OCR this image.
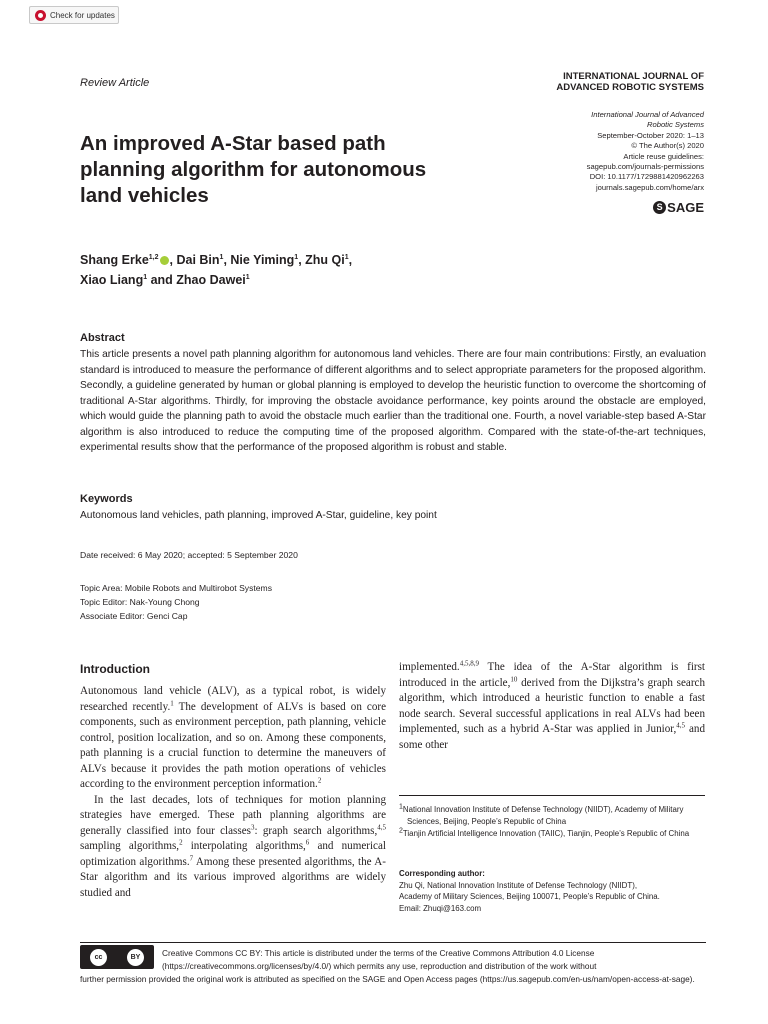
Check for updates
Review Article
INTERNATIONAL JOURNAL OF
ADVANCED ROBOTIC SYSTEMS
International Journal of Advanced
Robotic Systems
September-October 2020: 1–13
© The Author(s) 2020
Article reuse guidelines:
sagepub.com/journals-permissions
DOI: 10.1177/1729881420962263
journals.sagepub.com/home/arx
S SAGE
An improved A-Star based path
planning algorithm for autonomous
land vehicles
Shang Erke$^{1,2}$ , Dai Bin$^1$, Nie Yiming$^1$, Zhu Qi$^1$,
Xiao Liang$^1$ and Zhao Dawei$^1$
Abstract
This article presents a novel path planning algorithm for autonomous land vehicles. There are four main contributions: Firstly, an evaluation standard is introduced to measure the performance of different algorithms and to select appropriate parameters for the proposed algorithm. Secondly, a guideline generated by human or global planning is employed to develop the heuristic function to overcome the shortcoming of traditional A-Star algorithms. Thirdly, for improving the obstacle avoidance performance, key points around the obstacle are employed, which would guide the planning path to avoid the obstacle much earlier than the traditional one. Fourth, a novel variable-step based A-Star algorithm is also introduced to reduce the computing time of the proposed algorithm. Compared with the state-of-the-art techniques, experimental results show that the performance of the proposed algorithm is robust and stable.
Keywords
Autonomous land vehicles, path planning, improved A-Star, guideline, key point
Date received: 6 May 2020; accepted: 5 September 2020
Topic Area: Mobile Robots and Multirobot Systems
Topic Editor: Nak-Young Chong
Associate Editor: Genci Cap
Introduction
Autonomous land vehicle (ALV), as a typical robot, is widely researched recently.$^1$ The development of ALVs is based on core components, such as environment perception, path planning, vehicle control, position localization, and so on. Among these components, path planning is a crucial function to determine the maneuvers of ALVs because it provides the path motion operations of vehicles according to the environment perception information.$^2$
In the last decades, lots of techniques for motion planning strategies have emerged. These path planning algorithms are generally classified into four classes$^3$: graph search algorithms,$^{4,5}$ sampling algorithms,$^2$ interpolating algorithms,$^6$ and numerical optimization algorithms.$^7$ Among these presented algorithms, the A-Star algorithm and its various improved algorithms are widely studied and
implemented.$^{4,5,8,9}$ The idea of the A-Star algorithm is first introduced in the article,$^{10}$ derived from the Dijkstra’s graph search algorithm, which introduced a heuristic function to enable a fast node search. Several successful applications in real ALVs had been implemented, such as a hybrid A-Star was applied in Junior,$^{4,5}$ and some other
$^1$National Innovation Institute of Defense Technology (NIIDT), Academy of Military Sciences, Beijing, People’s Republic of China
$^2$Tianjin Artificial Intelligence Innovation (TAIIC), Tianjin, People’s Republic of China
Corresponding author:
Zhu Qi, National Innovation Institute of Defense Technology (NIIDT),
Academy of Military Sciences, Beijing 100071, People’s Republic of China.
Email: Zhuqi@163.com
cc	BY	Creative Commons CC BY: This article is distributed under the terms of the Creative Commons Attribution 4.0 License (https://creativecommons.org/licenses/by/4.0/) which permits any use, reproduction and distribution of the work without
further permission provided the original work is attributed as specified on the SAGE and Open Access pages (https://us.sagepub.com/en-us/nam/open-access-at-sage).
